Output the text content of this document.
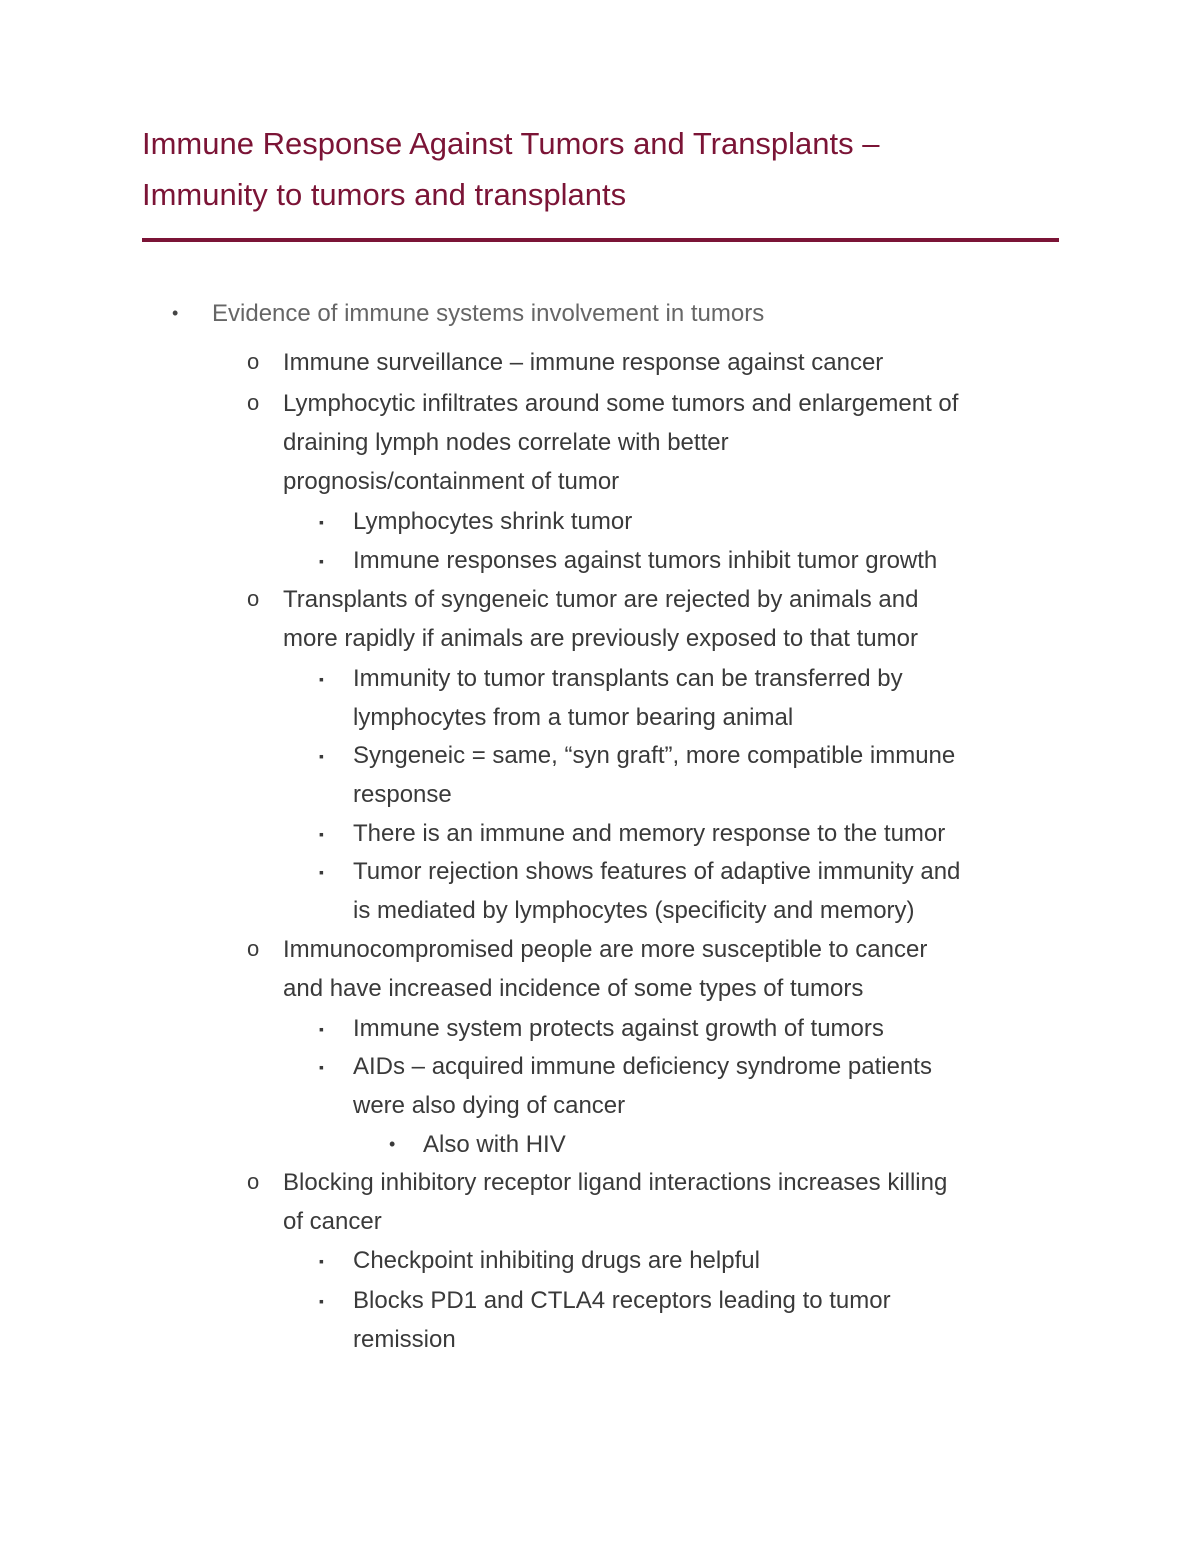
Immune Response Against Tumors and Transplants –
Immunity to tumors and transplants
• Evidence of immune systems involvement in tumors
o Immune surveillance – immune response against cancer
o Lymphocytic infiltrates around some tumors and enlargement of
draining lymph nodes correlate with better
prognosis/containment of tumor
▪ Lymphocytes shrink tumor
▪ Immune responses against tumors inhibit tumor growth
o Transplants of syngeneic tumor are rejected by animals and
more rapidly if animals are previously exposed to that tumor
▪ Immunity to tumor transplants can be transferred by
lymphocytes from a tumor bearing animal
▪ Syngeneic = same, “syn graft”, more compatible immune
response
▪ There is an immune and memory response to the tumor
▪ Tumor rejection shows features of adaptive immunity and
is mediated by lymphocytes (specificity and memory)
o Immunocompromised people are more susceptible to cancer
and have increased incidence of some types of tumors
▪ Immune system protects against growth of tumors
▪ AIDs – acquired immune deficiency syndrome patients
were also dying of cancer
• Also with HIV
o Blocking inhibitory receptor ligand interactions increases killing
of cancer
▪ Checkpoint inhibiting drugs are helpful
▪ Blocks PD1 and CTLA4 receptors leading to tumor
remission
